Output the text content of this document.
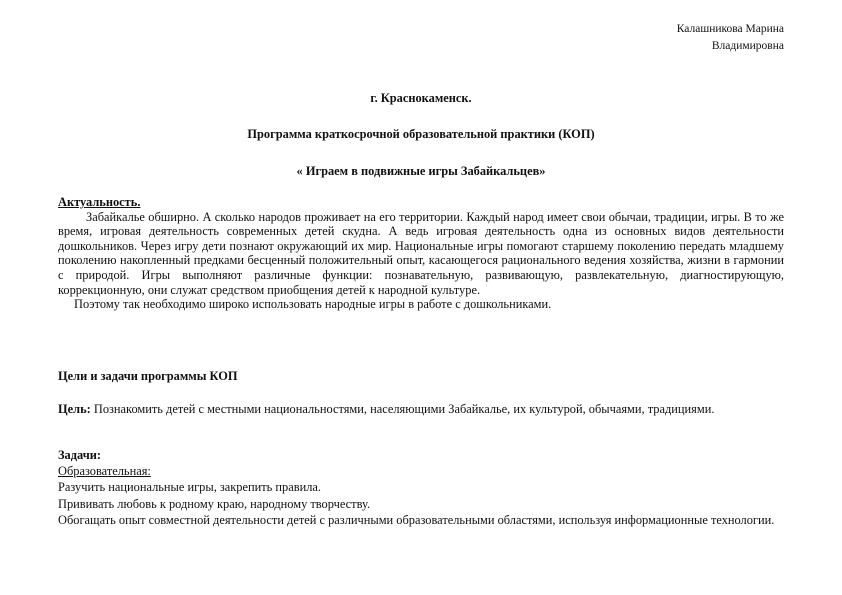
Калашникова Марина
Владимировна
г. Краснокаменск.
Программа краткосрочной образовательной практики (КОП)
« Играем в подвижные игры Забайкальцев»
Актуальность.

Забайкалье обширно. А сколько народов проживает на его территории. Каждый народ имеет свои обычаи, традиции, игры. В то же время, игровая деятельность современных детей скудна. А ведь игровая деятельность одна из основных видов деятельности дошкольников. Через игру дети познают окружающий их мир. Национальные игры помогают старшему поколению передать младшему поколению накопленный предками бесценный положительный опыт, касающегося рационального ведения хозяйства, жизни в гармонии с природой. Игры выполняют различные функции: познавательную, развивающую, развлекательную, диагностирующую, коррекционную, они служат средством приобщения детей к народной культуре.

Поэтому так необходимо широко использовать народные игры в работе с дошкольниками.

Цели и задачи программы КОП
Цель: Познакомить детей с местными национальностями, населяющими Забайкалье, их культурой, обычаями, традициями.
Задачи:
Образовательная:
Разучить национальные игры, закрепить правила.
Прививать любовь к родному краю, народному творчеству.
Обогащать опыт совместной деятельности детей с различными образовательными областями, используя информационные технологии.
